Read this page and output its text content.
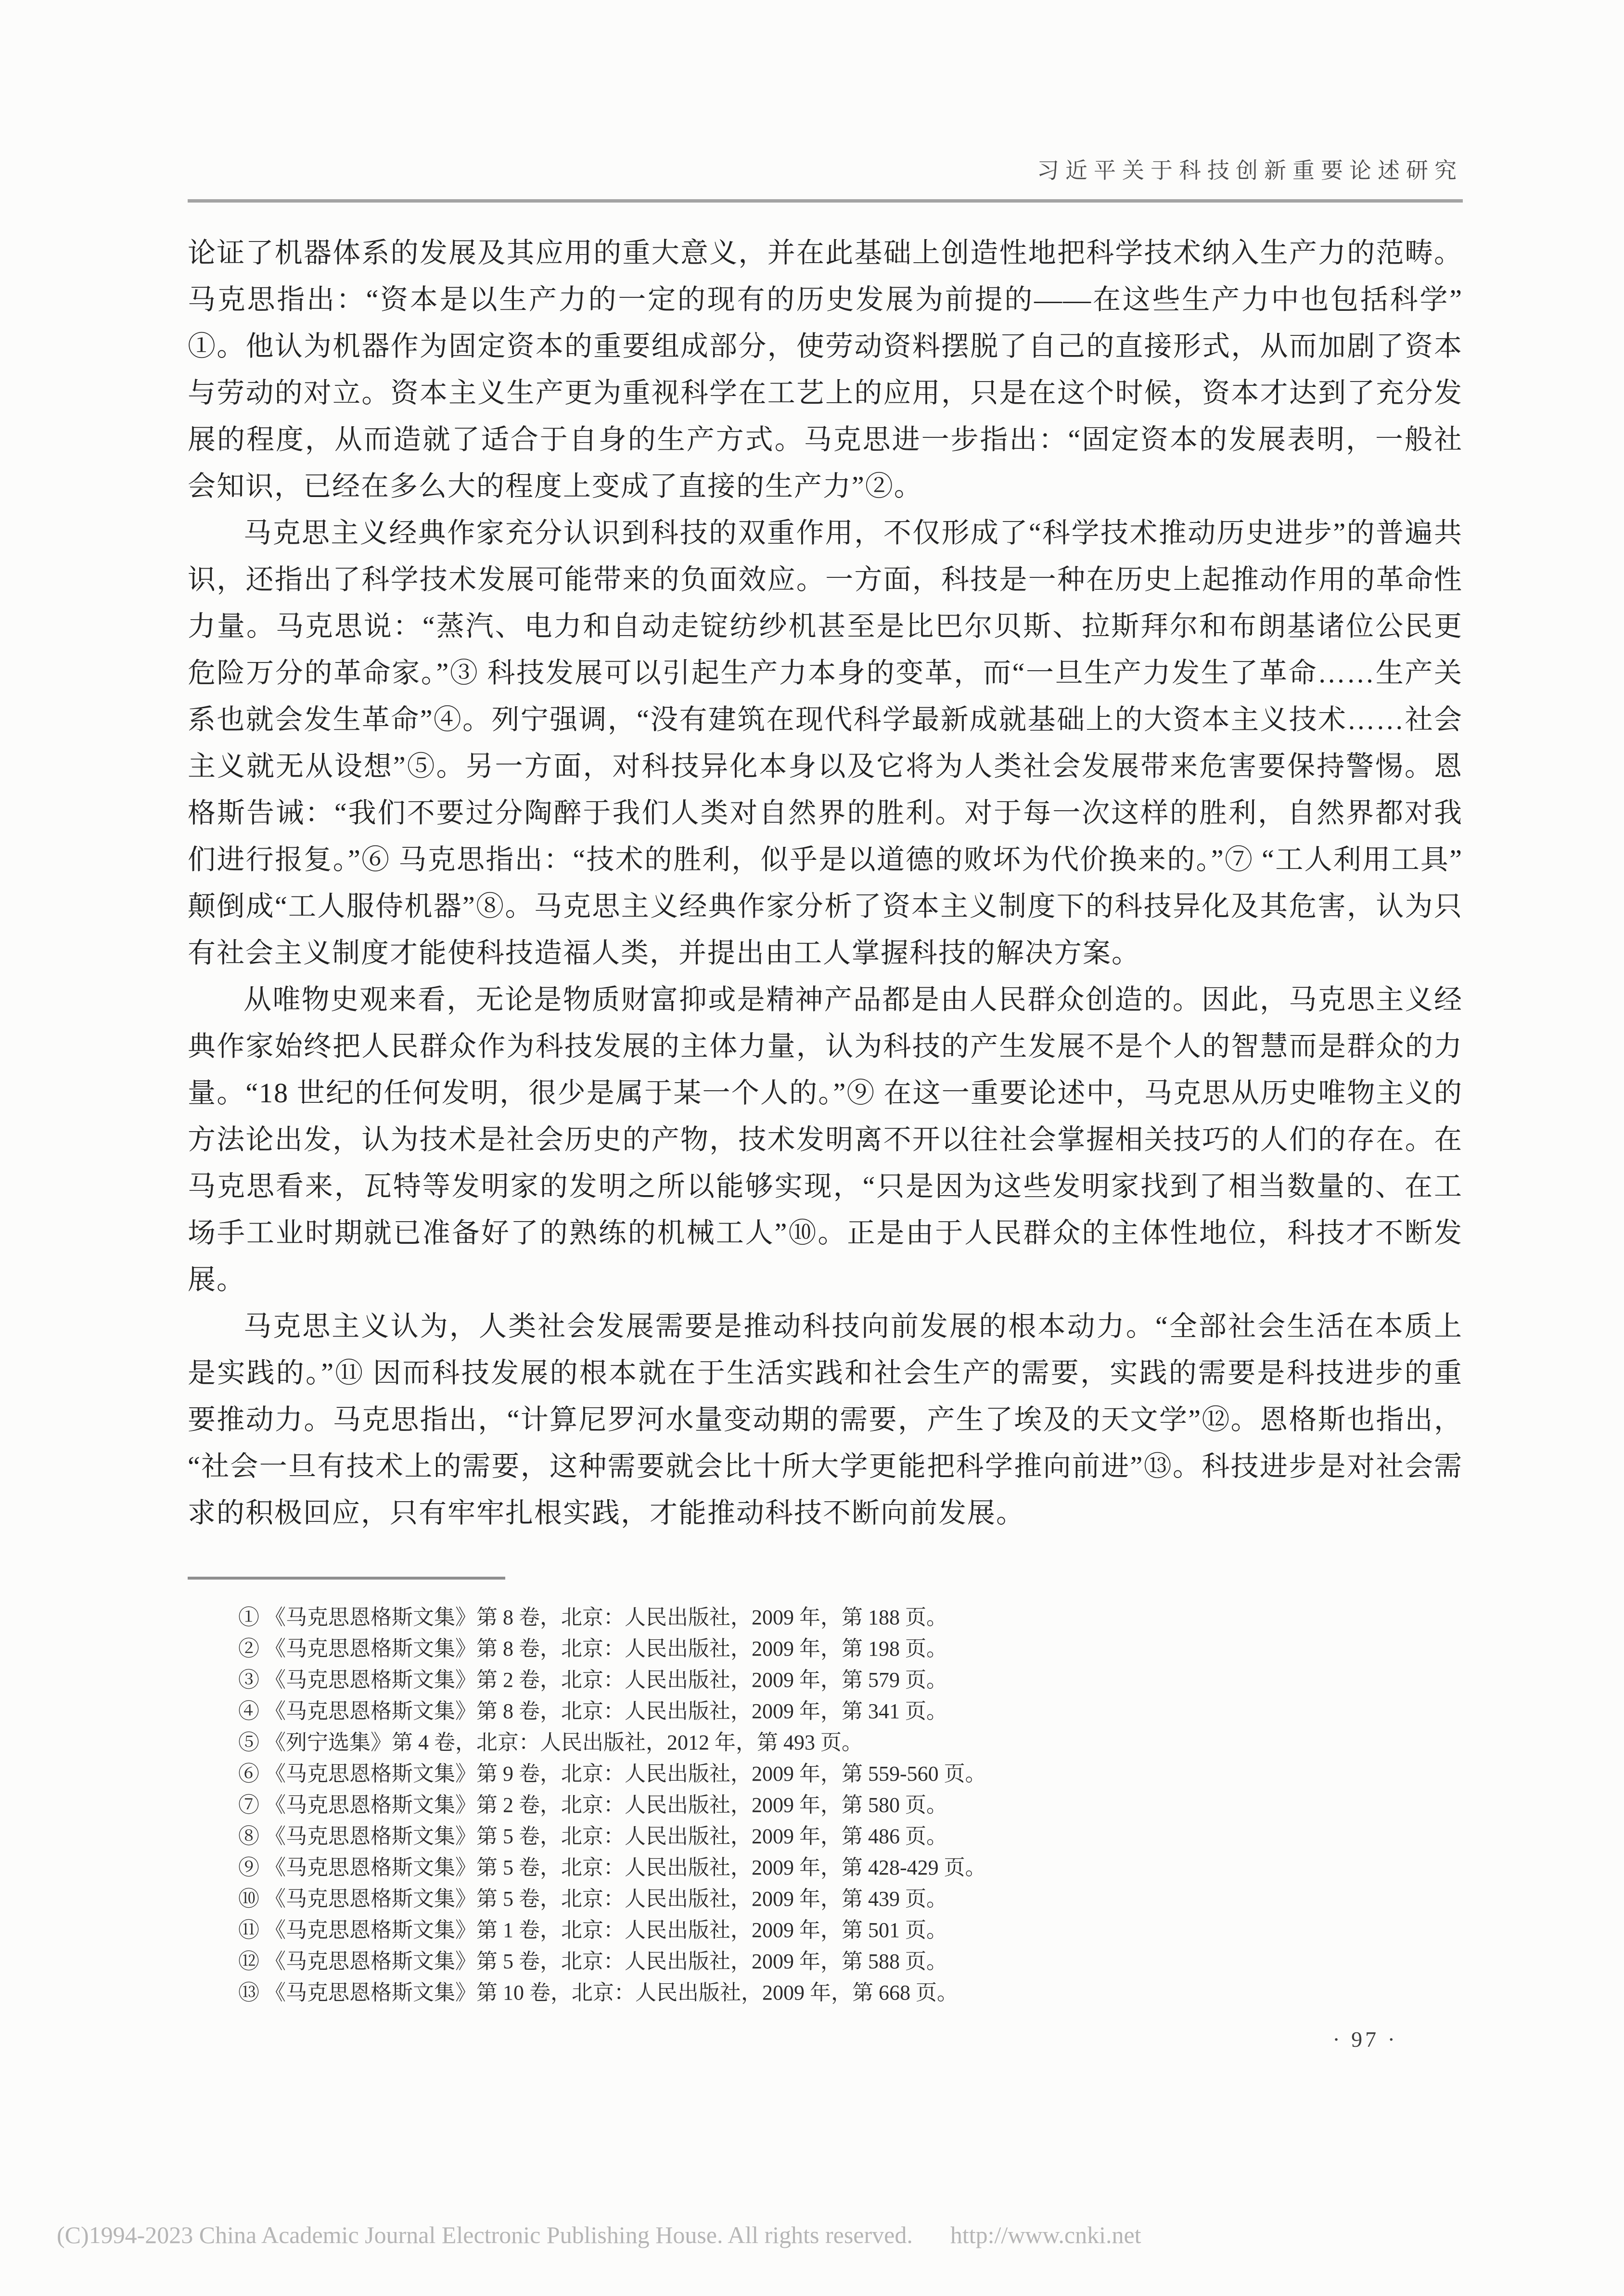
习近平关于科技创新重要论述研究

论证了机器体系的发展及其应用的重大意义，并在此基础上创造性地把科学技术纳入生产力的范畴。马克思指出：“资本是以生产力的一定的现有的历史发展为前提的——在这些生产力中也包括科学”①。他认为机器作为固定资本的重要组成部分，使劳动资料摆脱了自己的直接形式，从而加剧了资本与劳动的对立。资本主义生产更为重视科学在工艺上的应用，只是在这个时候，资本才达到了充分发展的程度，从而造就了适合于自身的生产方式。马克思进一步指出：“固定资本的发展表明，一般社会知识，已经在多么大的程度上变成了直接的生产力”②。

马克思主义经典作家充分认识到科技的双重作用，不仅形成了“科学技术推动历史进步”的普遍共识，还指出了科学技术发展可能带来的负面效应。一方面，科技是一种在历史上起推动作用的革命性力量。马克思说：“蒸汽、电力和自动走锭纺纱机甚至是比巴尔贝斯、拉斯拜尔和布朗基诸位公民更危险万分的革命家。”③ 科技发展可以引起生产力本身的变革，而“一旦生产力发生了革命……生产关系也就会发生革命”④。列宁强调，“没有建筑在现代科学最新成就基础上的大资本主义技术……社会主义就无从设想”⑤。另一方面，对科技异化本身以及它将为人类社会发展带来危害要保持警惕。恩格斯告诫：“我们不要过分陶醉于我们人类对自然界的胜利。对于每一次这样的胜利，自然界都对我们进行报复。”⑥ 马克思指出：“技术的胜利，似乎是以道德的败坏为代价换来的。”⑦ “工人利用工具”颠倒成“工人服侍机器”⑧。马克思主义经典作家分析了资本主义制度下的科技异化及其危害，认为只有社会主义制度才能使科技造福人类，并提出由工人掌握科技的解决方案。

从唯物史观来看，无论是物质财富抑或是精神产品都是由人民群众创造的。因此，马克思主义经典作家始终把人民群众作为科技发展的主体力量，认为科技的产生发展不是个人的智慧而是群众的力量。“18 世纪的任何发明，很少是属于某一个人的。”⑨ 在这一重要论述中，马克思从历史唯物主义的方法论出发，认为技术是社会历史的产物，技术发明离不开以往社会掌握相关技巧的人们的存在。在马克思看来，瓦特等发明家的发明之所以能够实现，“只是因为这些发明家找到了相当数量的、在工场手工业时期就已准备好了的熟练的机械工人”⑩。正是由于人民群众的主体性地位，科技才不断发展。

马克思主义认为，人类社会发展需要是推动科技向前发展的根本动力。“全部社会生活在本质上是实践的。”⑪ 因而科技发展的根本就在于生活实践和社会生产的需要，实践的需要是科技进步的重要推动力。马克思指出，“计算尼罗河水量变动期的需要，产生了埃及的天文学”⑫。恩格斯也指出，“社会一旦有技术上的需要，这种需要就会比十所大学更能把科学推向前进”⑬。科技进步是对社会需求的积极回应，只有牢牢扎根实践，才能推动科技不断向前发展。

① 《马克思恩格斯文集》第 8 卷，北京：人民出版社，2009 年，第 188 页。
② 《马克思恩格斯文集》第 8 卷，北京：人民出版社，2009 年，第 198 页。
③ 《马克思恩格斯文集》第 2 卷，北京：人民出版社，2009 年，第 579 页。
④ 《马克思恩格斯文集》第 8 卷，北京：人民出版社，2009 年，第 341 页。
⑤ 《列宁选集》第 4 卷，北京：人民出版社，2012 年，第 493 页。
⑥ 《马克思恩格斯文集》第 9 卷，北京：人民出版社，2009 年，第 559-560 页。
⑦ 《马克思恩格斯文集》第 2 卷，北京：人民出版社，2009 年，第 580 页。
⑧ 《马克思恩格斯文集》第 5 卷，北京：人民出版社，2009 年，第 486 页。
⑨ 《马克思恩格斯文集》第 5 卷，北京：人民出版社，2009 年，第 428-429 页。
⑩ 《马克思恩格斯文集》第 5 卷，北京：人民出版社，2009 年，第 439 页。
⑪ 《马克思恩格斯文集》第 1 卷，北京：人民出版社，2009 年，第 501 页。
⑫ 《马克思恩格斯文集》第 5 卷，北京：人民出版社，2009 年，第 588 页。
⑬ 《马克思恩格斯文集》第 10 卷，北京：人民出版社，2009 年，第 668 页。
· 97 ·
(C)1994-2023 China Academic Journal Electronic Publishing House. All rights reserved. http://www.cnki.net
